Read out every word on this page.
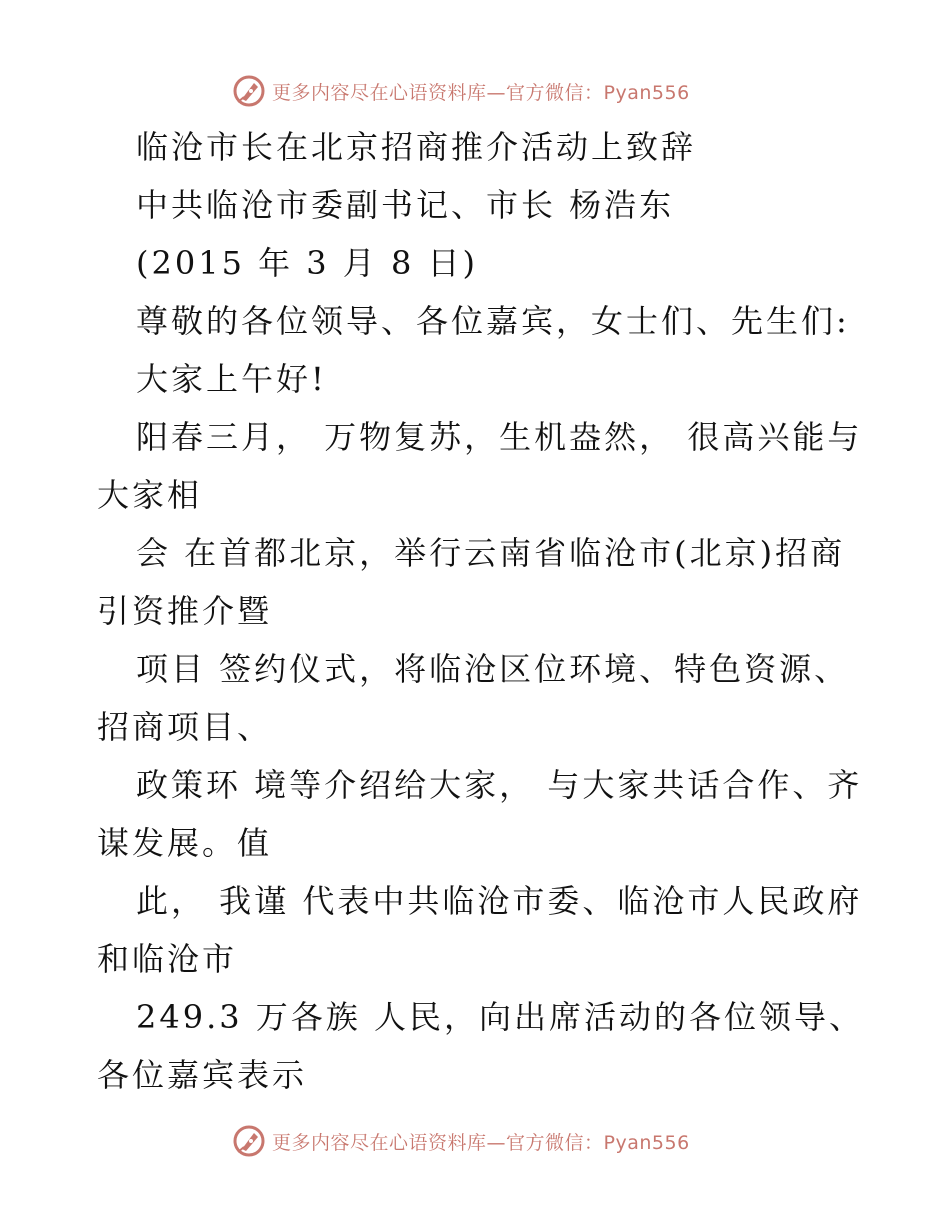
更多内容尽在心语资料库—官方微信：Pyan556

临沧市长在北京招商推介活动上致辞

中共临沧市委副书记、市长 杨浩东

(2015 年 3 月 8 日)

尊敬的各位领导、各位嘉宾，女士们、先生们:

大家上午好!

阳春三月， 万物复苏，生机盎然， 很高兴能与

大家相

会 在首都北京，举行云南省临沧市(北京)招商

引资推介暨

项目 签约仪式，将临沧区位环境、特色资源、

招商项目、

政策环 境等介绍给大家， 与大家共话合作、齐

谋发展。值

此， 我谨 代表中共临沧市委、临沧市人民政府

和临沧市

249.3 万各族 人民，向出席活动的各位领导、

各位嘉宾表示

更多内容尽在心语资料库—官方微信：Pyan556
